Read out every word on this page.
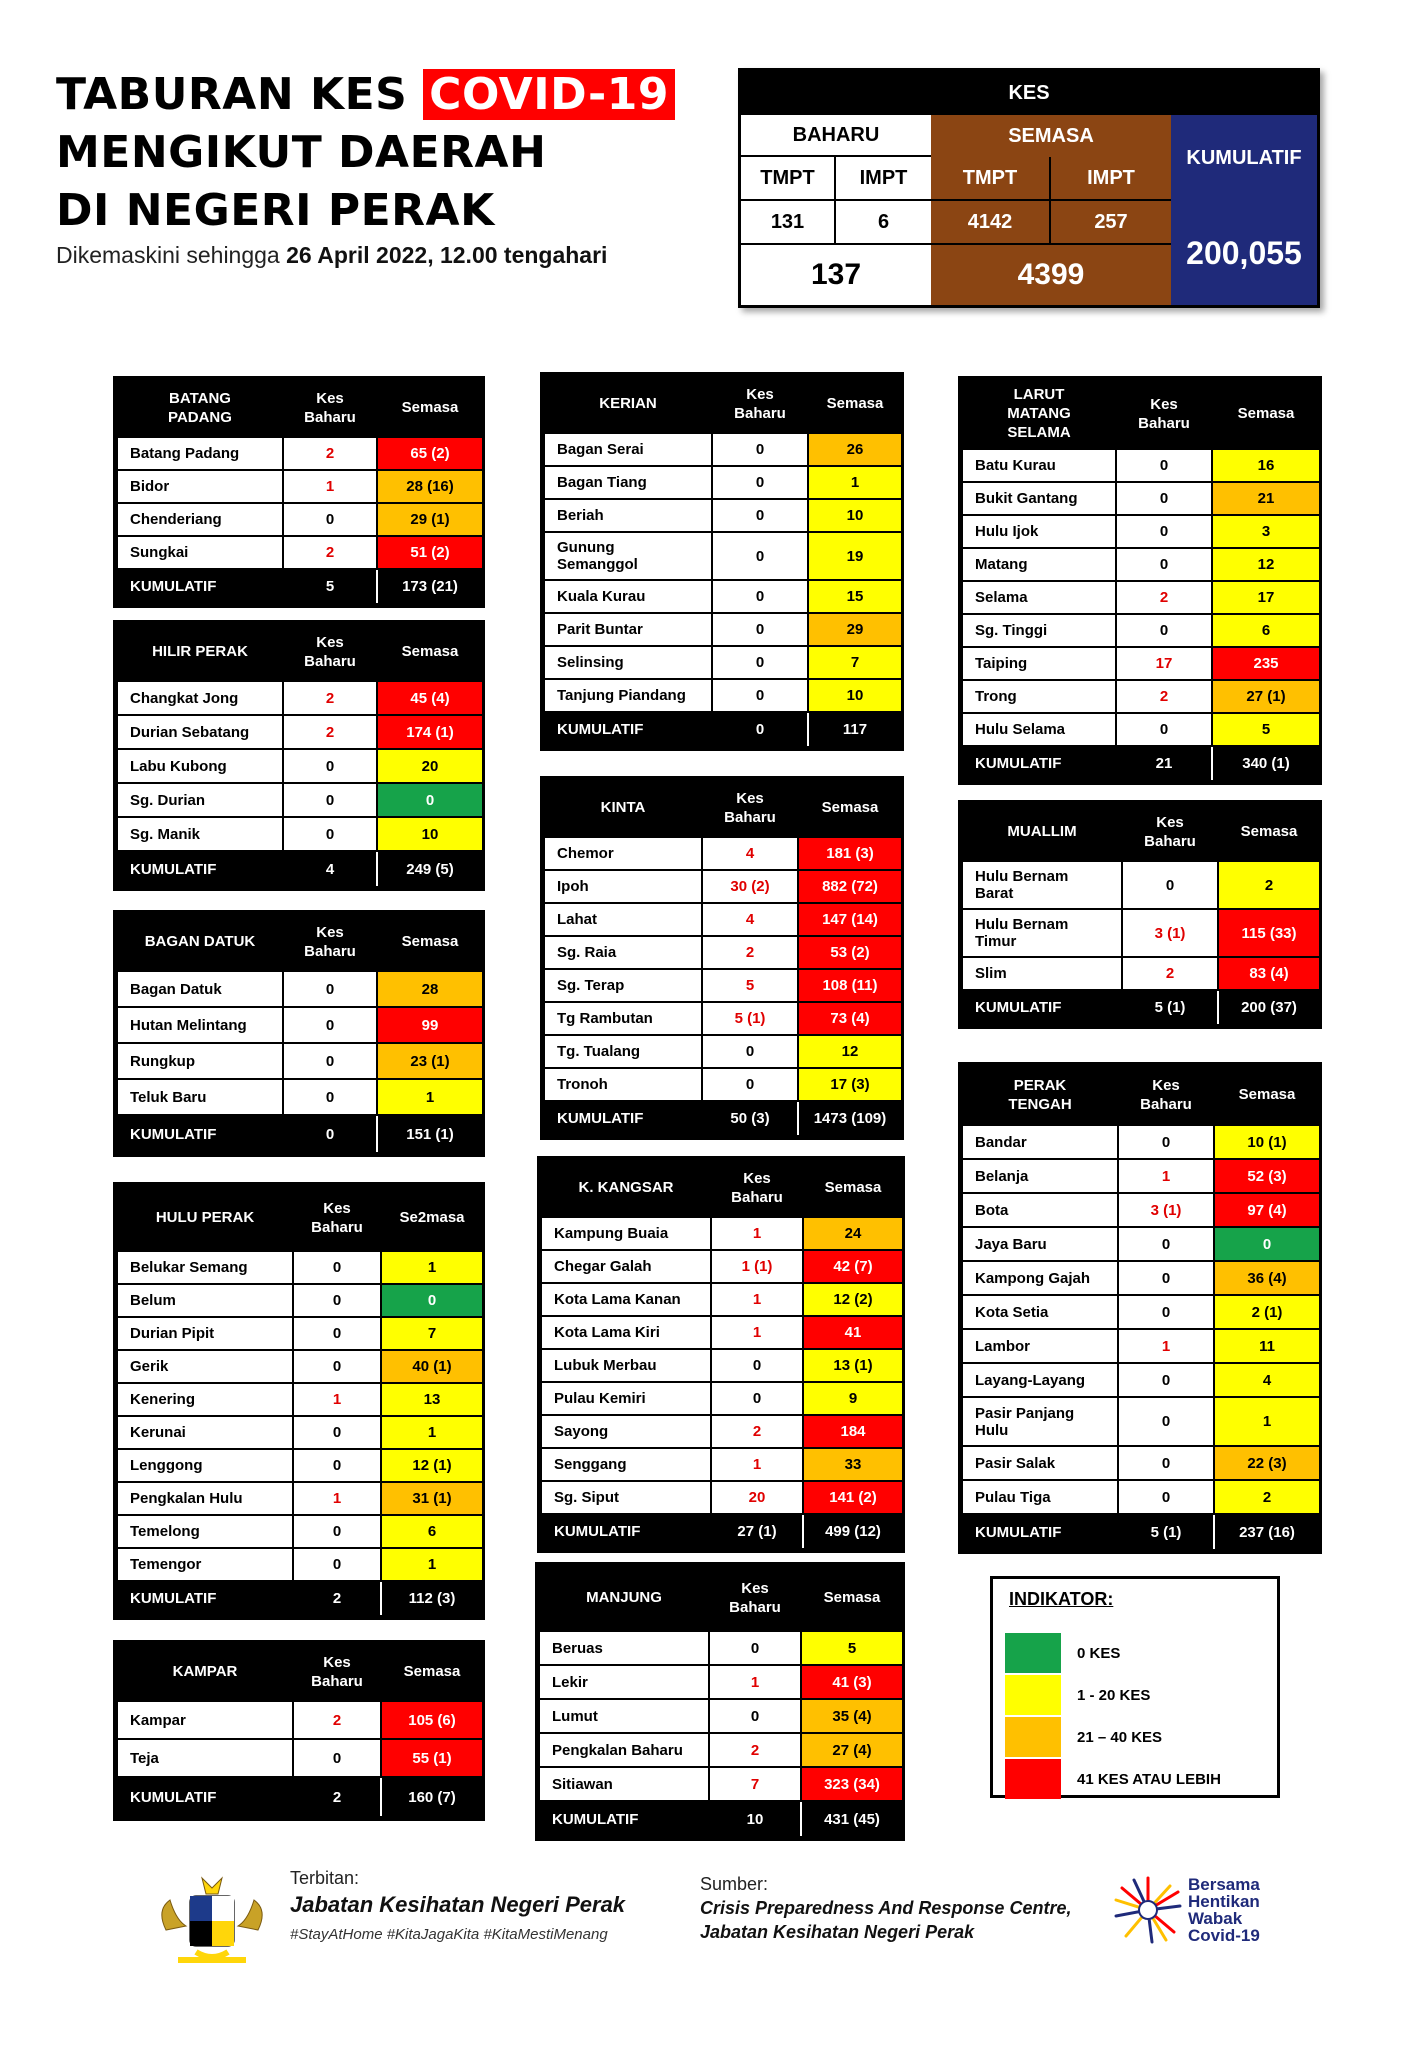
TABURAN KES COVID-19
MENGIKUT DAERAH
DI NEGERI PERAK
Dikemaskini sehingga 26 April 2022, 12.00 tengahari
KES
BAHARU	SEMASA
KUMULATIF
TMPT	IMPT	TMPT	IMPT
131	6	4142	257
137	4399
200,055
BATANG
PADANG	Kes
Baharu	Semasa
Batang Padang	2	65 (2)
Bidor	1	28 (16)
Chenderiang	0	29 (1)
Sungkai	2	51 (2)
KUMULATIF	5	173 (21)
HILIR PERAK	Kes
Baharu	Semasa
Changkat Jong	2	45 (4)
Durian Sebatang	2	174 (1)
Labu Kubong	0	20
Sg. Durian	0	0
Sg. Manik	0	10
KUMULATIF	4	249 (5)
BAGAN DATUK	Kes
Baharu	Semasa
Bagan Datuk	0	28
Hutan Melintang	0	99
Rungkup	0	23 (1)
Teluk Baru	0	1
KUMULATIF	0	151 (1)
HULU PERAK	Kes
Baharu	Se2masa
Belukar Semang	0	1
Belum	0	0
Durian Pipit	0	7
Gerik	0	40 (1)
Kenering	1	13
Kerunai	0	1
Lenggong	0	12 (1)
Pengkalan Hulu	1	31 (1)
Temelong	0	6
Temengor	0	1
KUMULATIF	2	112 (3)
KAMPAR	Kes
Baharu	Semasa
Kampar	2	105 (6)
Teja	0	55 (1)
KUMULATIF	2	160 (7)
KERIAN	Kes
Baharu	Semasa
Bagan Serai	0	26
Bagan Tiang	0	1
Beriah	0	10
Gunung
Semanggol	0	19
Kuala Kurau	0	15
Parit Buntar	0	29
Selinsing	0	7
Tanjung Piandang	0	10
KUMULATIF	0	117
KINTA	Kes
Baharu	Semasa
Chemor	4	181 (3)
Ipoh	30 (2)	882 (72)
Lahat	4	147 (14)
Sg. Raia	2	53 (2)
Sg. Terap	5	108 (11)
Tg Rambutan	5 (1)	73 (4)
Tg. Tualang	0	12
Tronoh	0	17 (3)
KUMULATIF	50 (3)	1473 (109)
K. KANGSAR	Kes
Baharu	Semasa
Kampung Buaia	1	24
Chegar Galah	1 (1)	42 (7)
Kota Lama Kanan	1	12 (2)
Kota Lama Kiri	1	41
Lubuk Merbau	0	13 (1)
Pulau Kemiri	0	9
Sayong	2	184
Senggang	1	33
Sg. Siput	20	141 (2)
KUMULATIF	27 (1)	499 (12)
MANJUNG	Kes
Baharu	Semasa
Beruas	0	5
Lekir	1	41 (3)
Lumut	0	35 (4)
Pengkalan Baharu	2	27 (4)
Sitiawan	7	323 (34)
KUMULATIF	10	431 (45)
LARUT
MATANG
SELAMA	Kes
Baharu	Semasa
Batu Kurau	0	16
Bukit Gantang	0	21
Hulu Ijok	0	3
Matang	0	12
Selama	2	17
Sg. Tinggi	0	6
Taiping	17	235
Trong	2	27 (1)
Hulu Selama	0	5
KUMULATIF	21	340 (1)
MUALLIM	Kes
Baharu	Semasa
Hulu Bernam
Barat	0	2
Hulu Bernam
Timur	3 (1)	115 (33)
Slim	2	83 (4)
KUMULATIF	5 (1)	200 (37)
PERAK
TENGAH	Kes
Baharu	Semasa
Bandar	0	10 (1)
Belanja	1	52 (3)
Bota	3 (1)	97 (4)
Jaya Baru	0	0
Kampong Gajah	0	36 (4)
Kota Setia	0	2 (1)
Lambor	1	11
Layang-Layang	0	4
Pasir Panjang
Hulu	0	1
Pasir Salak	0	22 (3)
Pulau Tiga	0	2
KUMULATIF	5 (1)	237 (16)
INDIKATOR:
0 KES
1 - 20 KES
21 – 40 KES
41 KES ATAU LEBIH
Terbitan:
Jabatan Kesihatan Negeri Perak
#StayAtHome #KitaJagaKita #KitaMestiMenang
Sumber:
Crisis Preparedness And Response Centre,
Jabatan Kesihatan Negeri Perak
Bersama
Hentikan
Wabak
Covid-19
